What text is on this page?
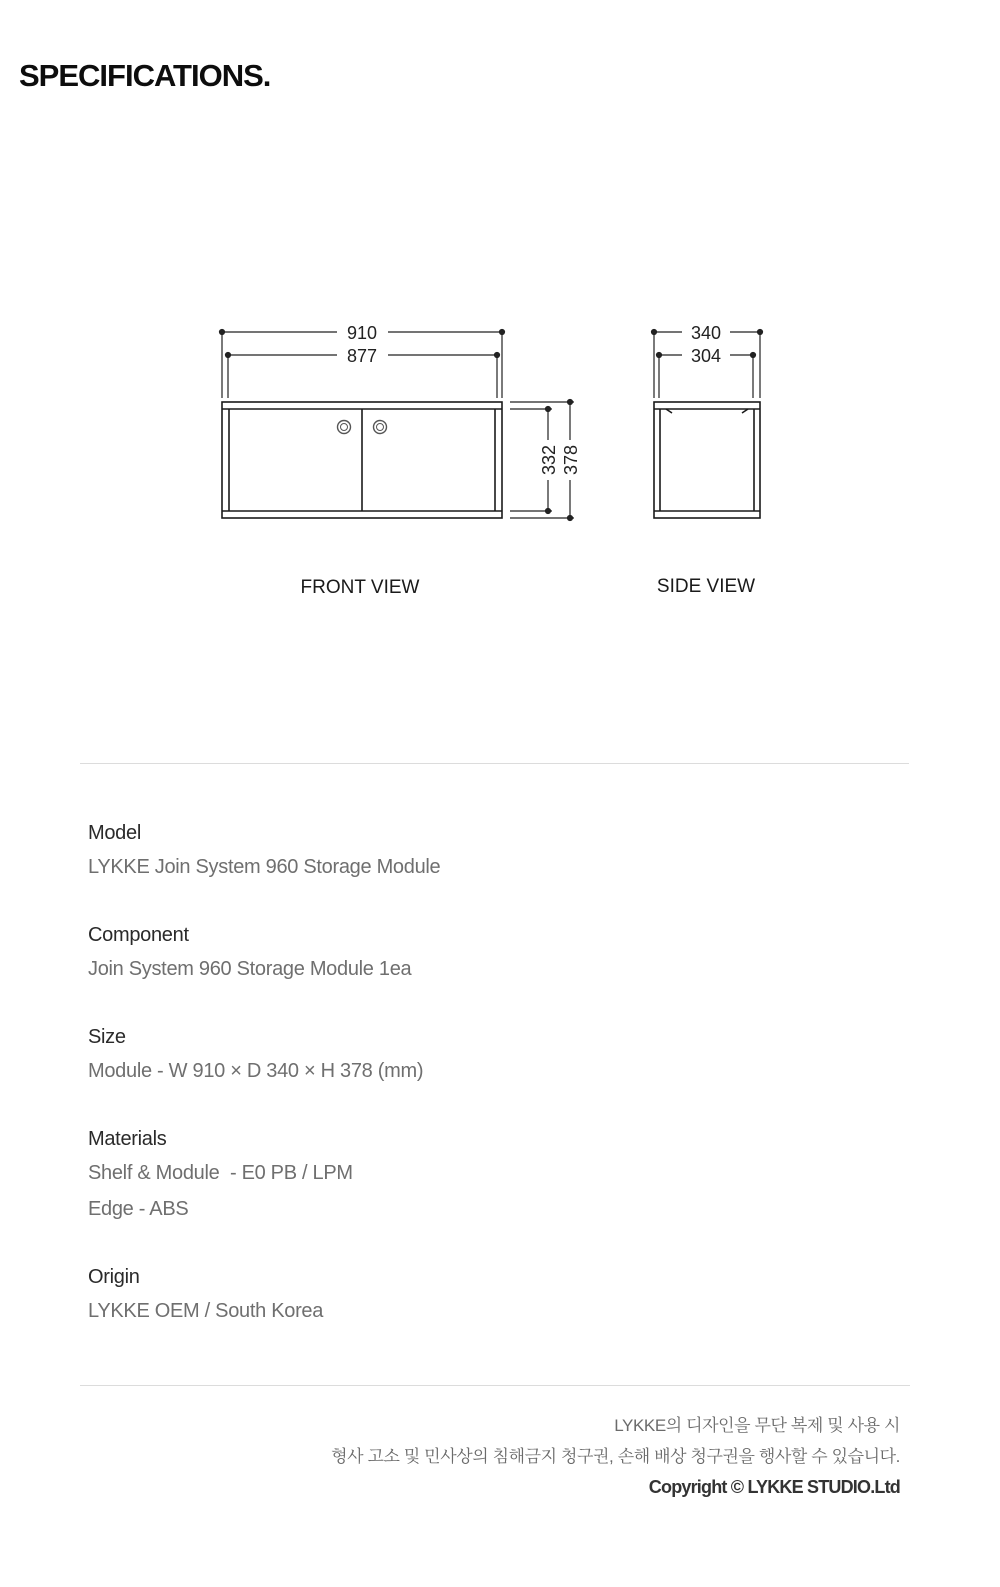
SPECIFICATIONS.
910
877
332 378
FRONT VIEW
340
304
SIDE VIEW
Model
LYKKE Join System 960 Storage Module
Component
Join System 960 Storage Module 1ea
Size
Module - W 910 × D 340 × H 378 (mm)
Materials
Shelf & Module  - E0 PB / LPM
Edge - ABS
Origin
LYKKE OEM / South Korea
LYKKE의 디자인을 무단 복제 및 사용 시
형사 고소 및 민사상의 침해금지 청구권, 손해 배상 청구권을 행사할 수 있습니다.
Copyright © LYKKE STUDIO.Ltd
